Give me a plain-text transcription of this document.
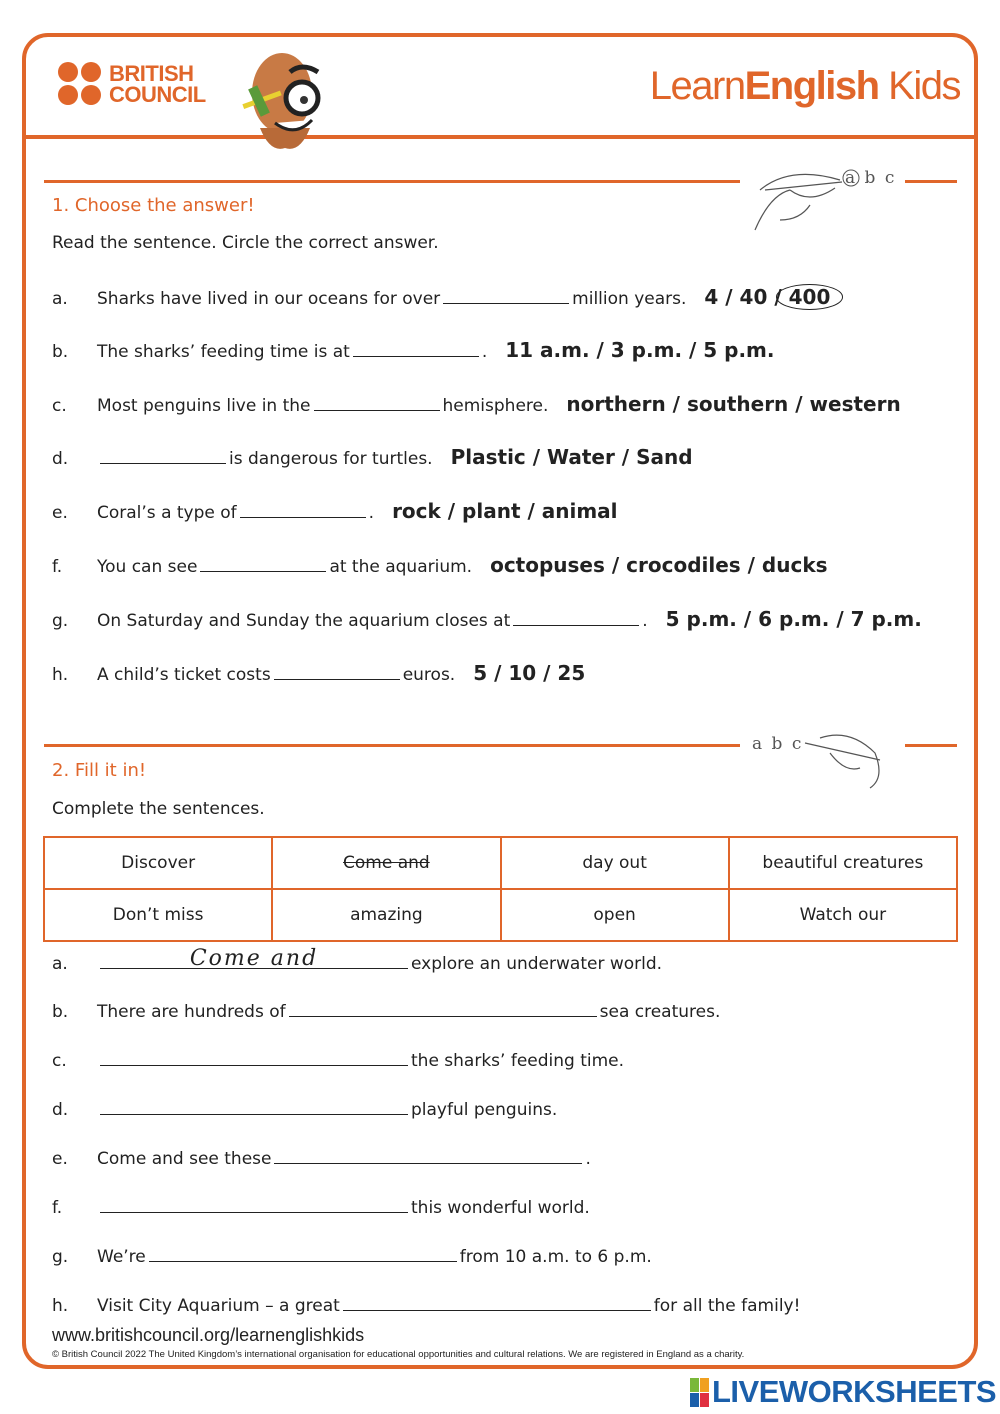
BRITISH
COUNCIL	LearnEnglish Kids
a b c
1. Choose the answer!
Read the sentence. Circle the correct answer.
a. Sharks have lived in our oceans for over	million years. 4 / 40 / 400
b. The sharks’ feeding time is at	. 11 a.m. / 3 p.m. / 5 p.m.
c. Most penguins live in the	hemisphere. northern / southern / western
d.	is dangerous for turtles. Plastic / Water / Sand
e. Coral’s a type of	. rock / plant / animal
f. You can see	at the aquarium. octopuses / crocodiles / ducks
g. On Saturday and Sunday the aquarium closes at	. 5 p.m. / 6 p.m. / 7 p.m.
h. A child’s ticket costs	euros. 5 / 10 / 25
a b c
2. Fill it in!
Complete the sentences.
Discover	Come and	day out	beautiful creatures
Don’t miss	amazing	open	Watch our
a.	Come and	explore an underwater world.
b. There are hundreds of	sea creatures.
c.	the sharks’ feeding time.
d.	playful penguins.
e. Come and see these	.
f.	this wonderful world.
g. We’re	from 10 a.m. to 6 p.m.
h. Visit City Aquarium – a great	for all the family!
www.britishcouncil.org/learnenglishkids
© British Council 2022 The United Kingdom’s international organisation for educational opportunities and cultural relations. We are registered in England as a charity.
LIVEWORKSHEETS
